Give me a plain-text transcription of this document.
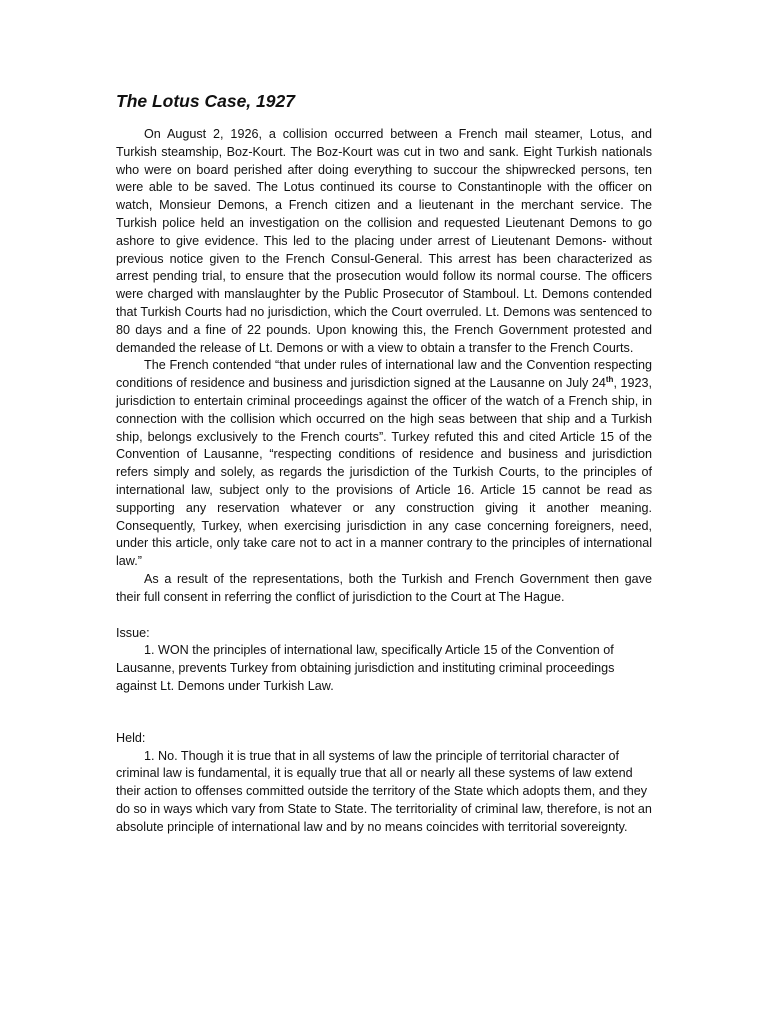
The Lotus Case, 1927

On August 2, 1926, a collision occurred between a French mail steamer, Lotus, and Turkish steamship, Boz-Kourt. The Boz-Kourt was cut in two and sank. Eight Turkish nationals who were on board perished after doing everything to succour the shipwrecked persons, ten were able to be saved. The Lotus continued its course to Constantinople with the officer on watch, Monsieur Demons, a French citizen and a lieutenant in the merchant service. The Turkish police held an investigation on the collision and requested Lieutenant Demons to go ashore to give evidence. This led to the placing under arrest of Lieutenant Demons- without previous notice given to the French Consul-General. This arrest has been characterized as arrest pending trial, to ensure that the prosecution would follow its normal course. The officers were charged with manslaughter by the Public Prosecutor of Stamboul. Lt. Demons contended that Turkish Courts had no jurisdiction, which the Court overruled. Lt. Demons was sentenced to 80 days and a fine of 22 pounds. Upon knowing this, the French Government protested and demanded the release of Lt. Demons or with a view to obtain a transfer to the French Courts.

The French contended “that under rules of international law and the Convention respecting conditions of residence and business and jurisdiction signed at the Lausanne on July 24th, 1923, jurisdiction to entertain criminal proceedings against the officer of the watch of a French ship, in connection with the collision which occurred on the high seas between that ship and a Turkish ship, belongs exclusively to the French courts”. Turkey refuted this and cited Article 15 of the Convention of Lausanne, “respecting conditions of residence and business and jurisdiction refers simply and solely, as regards the jurisdiction of the Turkish Courts, to the principles of international law, subject only to the provisions of Article 16. Article 15 cannot be read as supporting any reservation whatever or any construction giving it another meaning. Consequently, Turkey, when exercising jurisdiction in any case concerning foreigners, need, under this article, only take care not to act in a manner contrary to the principles of international law.”

As a result of the representations, both the Turkish and French Government then gave their full consent in referring the conflict of jurisdiction to the Court at The Hague.

Issue:

1. WON the principles of international law, specifically Article 15 of the Convention of Lausanne, prevents Turkey from obtaining jurisdiction and instituting criminal proceedings against Lt. Demons under Turkish Law.

Held:

1. No. Though it is true that in all systems of law the principle of territorial character of criminal law is fundamental, it is equally true that all or nearly all these systems of law extend their action to offenses committed outside the territory of the State which adopts them, and they do so in ways which vary from State to State. The territoriality of criminal law, therefore, is not an absolute principle of international law and by no means coincides with territorial sovereignty.
